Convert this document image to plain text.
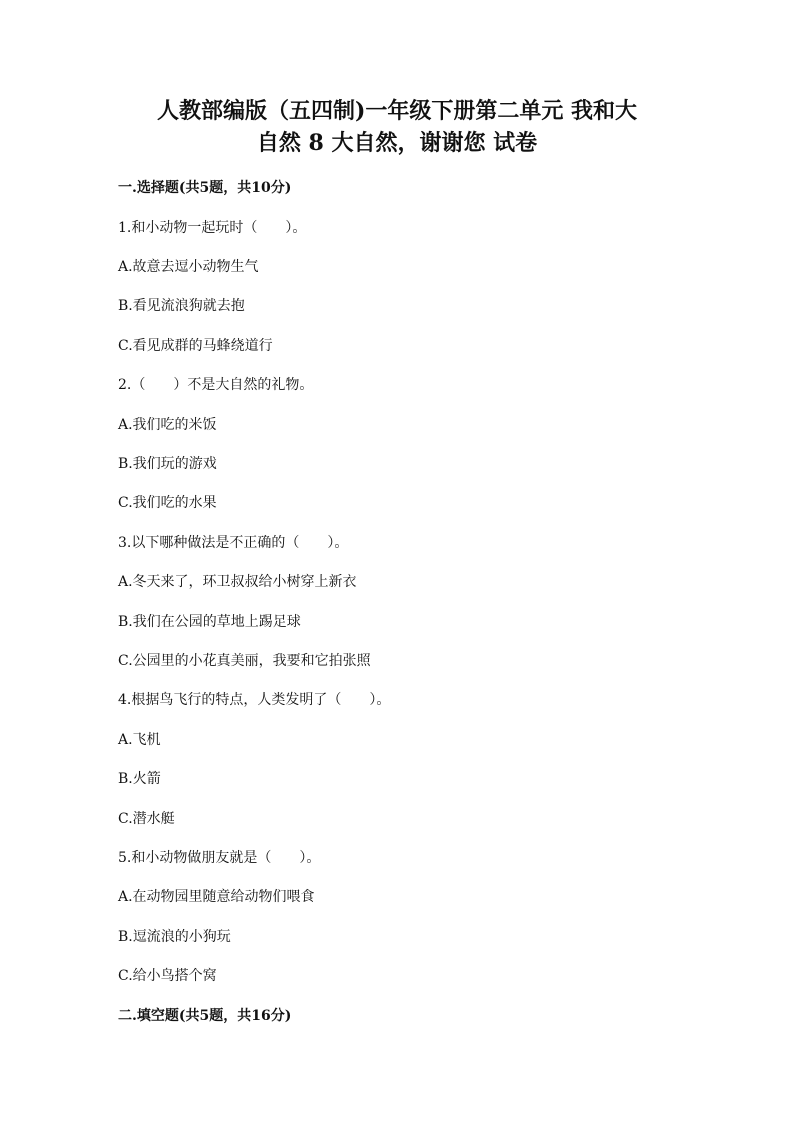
人教部编版（五四制)一年级下册第二单元 我和大
自然 8 大自然，谢谢您 试卷
一.选择题(共5题，共10分)
1.和小动物一起玩时（　　）。
A.故意去逗小动物生气
B.看见流浪狗就去抱
C.看见成群的马蜂绕道行
2.（　　）不是大自然的礼物。
A.我们吃的米饭
B.我们玩的游戏
C.我们吃的水果
3.以下哪种做法是不正确的（　　）。
A.冬天来了，环卫叔叔给小树穿上新衣
B.我们在公园的草地上踢足球
C.公园里的小花真美丽，我要和它拍张照
4.根据鸟飞行的特点，人类发明了（　　）。
A.飞机
B.火箭
C.潜水艇
5.和小动物做朋友就是（　　）。
A.在动物园里随意给动物们喂食
B.逗流浪的小狗玩
C.给小鸟搭个窝
二.填空题(共5题，共16分)
